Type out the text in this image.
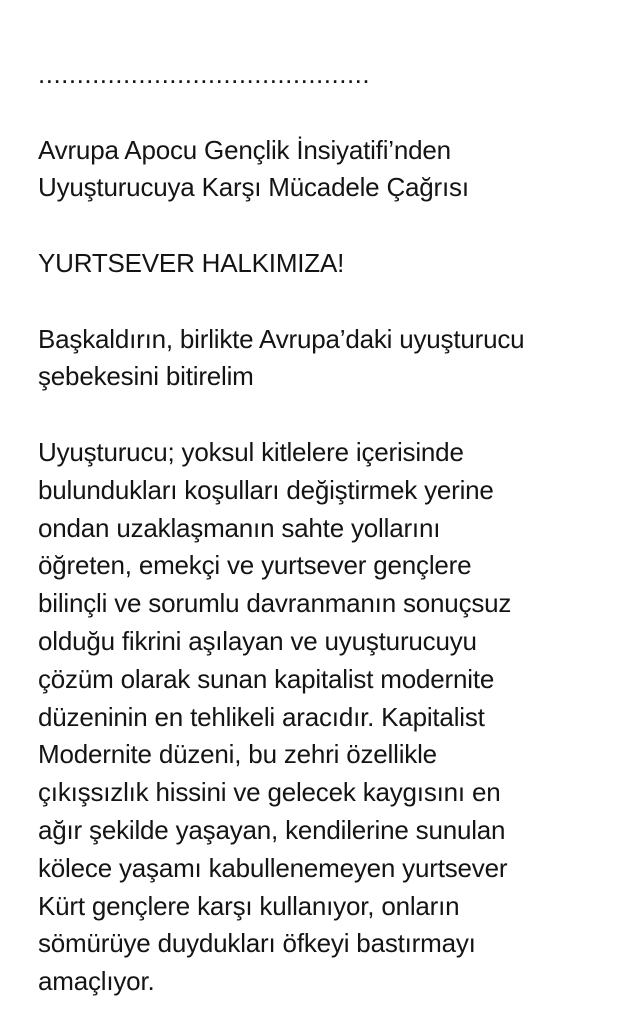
...........................................
Avrupa Apocu Gençlik İnsiyatifi’nden
Uyuşturucuya Karşı Mücadele Çağrısı
YURTSEVER HALKIMIZA!
Başkaldırın, birlikte Avrupa’daki uyuşturucu
şebekesini bitirelim
Uyuşturucu; yoksul kitlelere içerisinde
bulundukları koşulları değiştirmek yerine
ondan uzaklaşmanın sahte yollarını
öğreten, emekçi ve yurtsever gençlere
bilinçli ve sorumlu davranmanın sonuçsuz
olduğu fikrini aşılayan ve uyuşturucuyu
çözüm olarak sunan kapitalist modernite
düzeninin en tehlikeli aracıdır. Kapitalist
Modernite düzeni, bu zehri özellikle
çıkışsızlık hissini ve gelecek kaygısını en
ağır şekilde yaşayan, kendilerine sunulan
kölece yaşamı kabullenemeyen yurtsever
Kürt gençlere karşı kullanıyor, onların
sömürüye duydukları öfkeyi bastırmayı
amaçlıyor.
